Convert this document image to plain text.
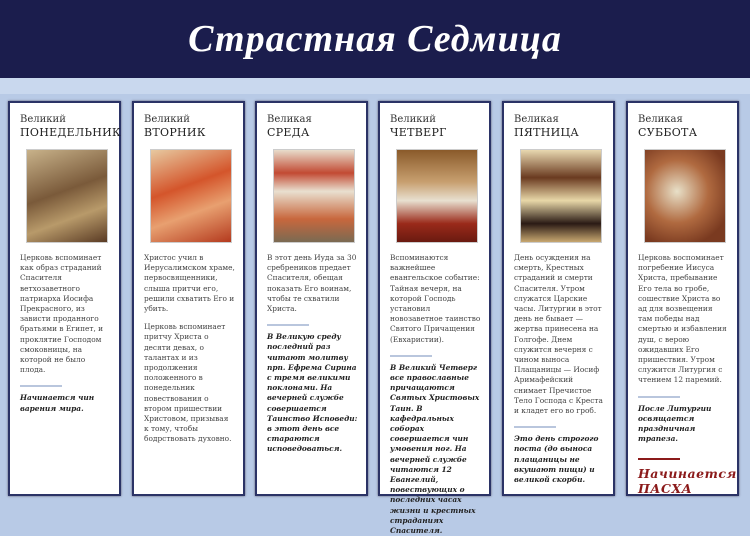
Страстная Седмица
Великий
ПОНЕДЕЛЬНИК

Церковь вспоминает как образ страданий Спасителя ветхозаветного патриарха Иосифа Прекрасного, из зависти проданного братьями в Египет, и проклятие Господом смоковницы, на которой не было плода.

Начинается чин варения мира.
Великий
ВТОРНИК

Христос учил в Иерусалимском храме, первосвященники, слыша притчи его, решили схватить Его и убить.

Церковь вспоминает притчу Христа о десяти девах, о талантах и из продолжения положенного в понедельник повествования о втором пришествии Христовом, призывая к тому, чтобы бодрствовать духовно.

Великая
СРЕДА

В этот день Иуда за 30 сребреников предает Спасителя, обещая показать Его воинам, чтобы те схватили Христа.

В Великую среду последний раз читают молитву прп. Ефрема Сирина с тремя великими поклонами. На вечерней службе совершается Таинство Исповеди: в этот день все стараются исповедоваться.
Великий
ЧЕТВЕРГ

Вспоминаются важнейшее евангельское событие: Тайная вечеря, на которой Господь установил новозаветное таинство Святого Причащения (Евхаристии).

В Великий Четверг все православные причащаются Святых Христовых Таин. В кафедральных соборах совершается чин умовения ног. На вечерней службе читаются 12 Евангелий, повествующих о последних часах жизни и крестных страданиях Спасителя.
Великая
ПЯТНИЦА

День осуждения на смерть, Крестных страданий и смерти Спасителя. Утром служатся Царские часы. Литургии в этот день не бывает — жертва принесена на Голгофе. Днем служится вечерня с чином выноса Плащаницы — Иосиф Аримафейский снимает Пречистое Тело Господа с Креста и кладет его во гроб.

Это день строгого поста (до выноса плащаницы не вкушают пищи) и великой скорби.
Великая
СУББОТА

Церковь воспоминает погребение Иисуса Христа, пребывание Его тела во гробе, сошествие Христа во ад для возвещения там победы над смертью и избавления душ, с верою ожидавших Его пришествия. Утром служится Литургия с чтением 12 паремий.

После Литургии освящается праздничная трапеза.
Начинается ПАСХА
